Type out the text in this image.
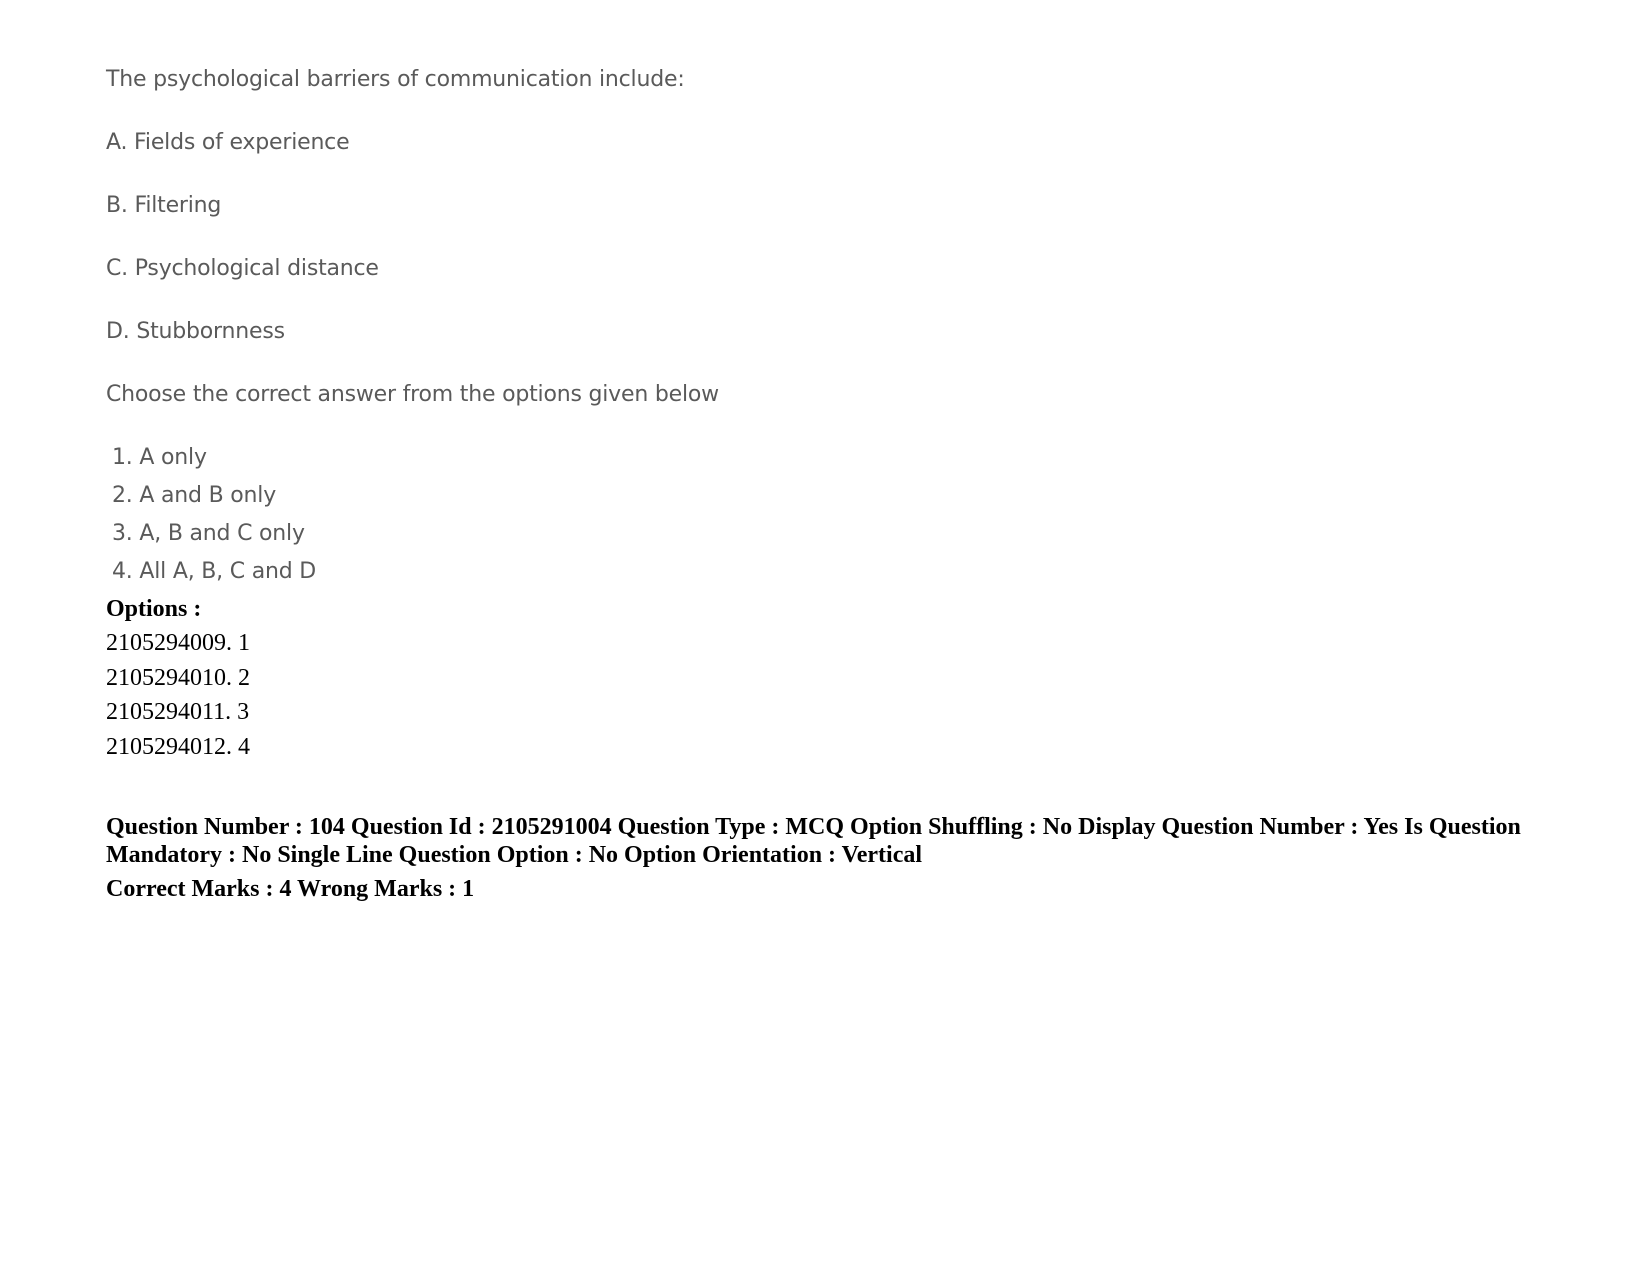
The psychological barriers of communication include:
A. Fields of experience
B. Filtering
C. Psychological distance
D. Stubbornness
Choose the correct answer from the options given below
1. A only
2. A and B only
3. A, B and C only
4. All A, B, C and D
Options :
2105294009. 1
2105294010. 2
2105294011. 3
2105294012. 4
Question Number : 104 Question Id : 2105291004 Question Type : MCQ Option Shuffling : No Display Question Number : Yes Is Question Mandatory : No Single Line Question Option : No Option Orientation : Vertical
Correct Marks : 4 Wrong Marks : 1
